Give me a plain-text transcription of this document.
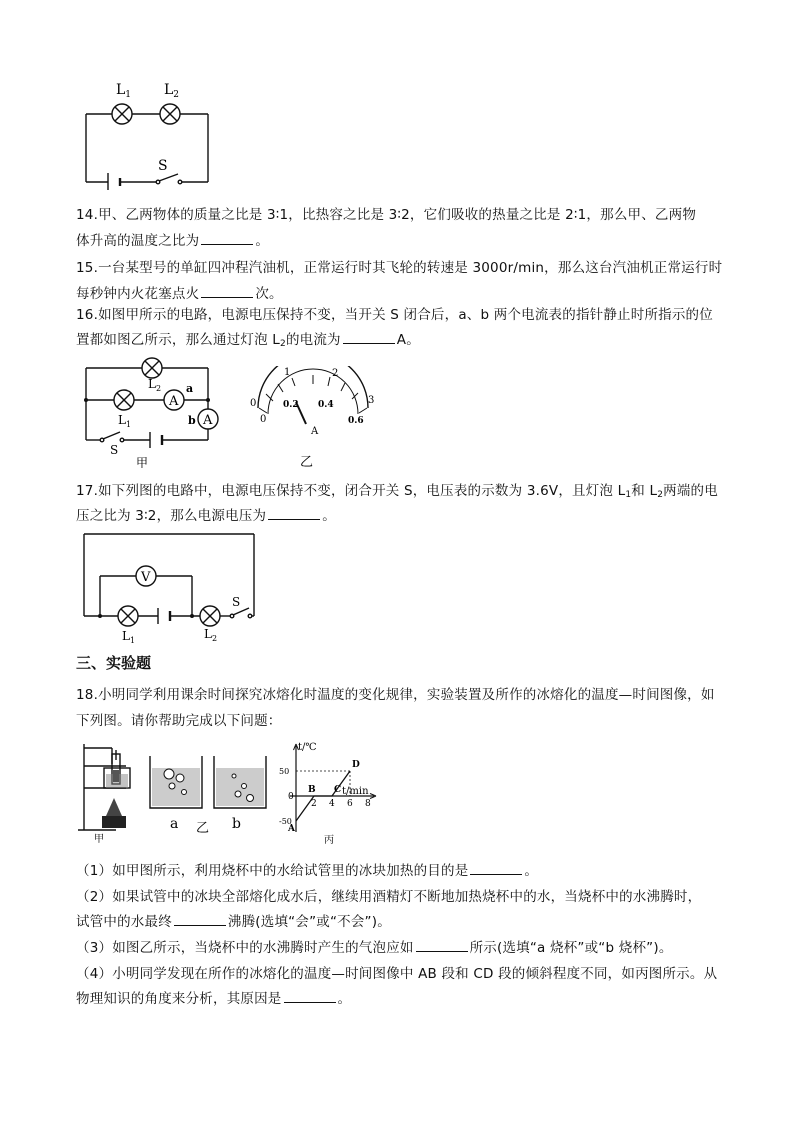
$L_1$ $L_2$
S
14.甲、乙两物体的质量之比是 3∶1，比热容之比是 3∶2，它们吸收的热量之比是 2∶1，那么甲、乙两物
体升高的温度之比为	。
15.一台某型号的单缸四冲程汽油机，正常运行时其飞轮的转速是 3000r/min，那么这台汽油机正常运行时
每秒钟内火花塞点火	次。
16.如图甲所示的电路，电源电压保持不变，当开关 S 闭合后，a、b 两个电流表的指针静止时所指示的位
置都如图乙所示，那么通过灯泡 $L_2$的电流为	A。
A
A
$L_2$
$L_1$
a
b
S
甲
0
1	2
3
0
0.2 0.4
0.6
A
乙
17.如下列图的电路中，电源电压保持不变，闭合开关 S，电压表的示数为 3.6V，且灯泡 $L_1$和 $L_2$两端的电
压之比为 3∶2，那么电源电压为	。
V
$L_1$	$L_2$
S
三、实验题
18.小明同学利用课余时间探究冰熔化时温度的变化规律，实验装置及所作的冰熔化的温度—时间图像，如
下列图。请你帮助完成以下问题：
甲
a 乙 b
t/℃
t/min
2 4 6 8
50
0
-50
A
B C
D
丙
（1）如甲图所示，利用烧杯中的水给试管里的冰块加热的目的是	。
（2）如果试管中的冰块全部熔化成水后，继续用酒精灯不断地加热烧杯中的水，当烧杯中的水沸腾时，
试管中的水最终	沸腾(选填“会”或“不会”)。
（3）如图乙所示，当烧杯中的水沸腾时产生的气泡应如	所示(选填“a 烧杯”或“b 烧杯”)。
（4）小明同学发现在所作的冰熔化的温度—时间图像中 AB 段和 CD 段的倾斜程度不同，如丙图所示。从
物理知识的角度来分析，其原因是	。
